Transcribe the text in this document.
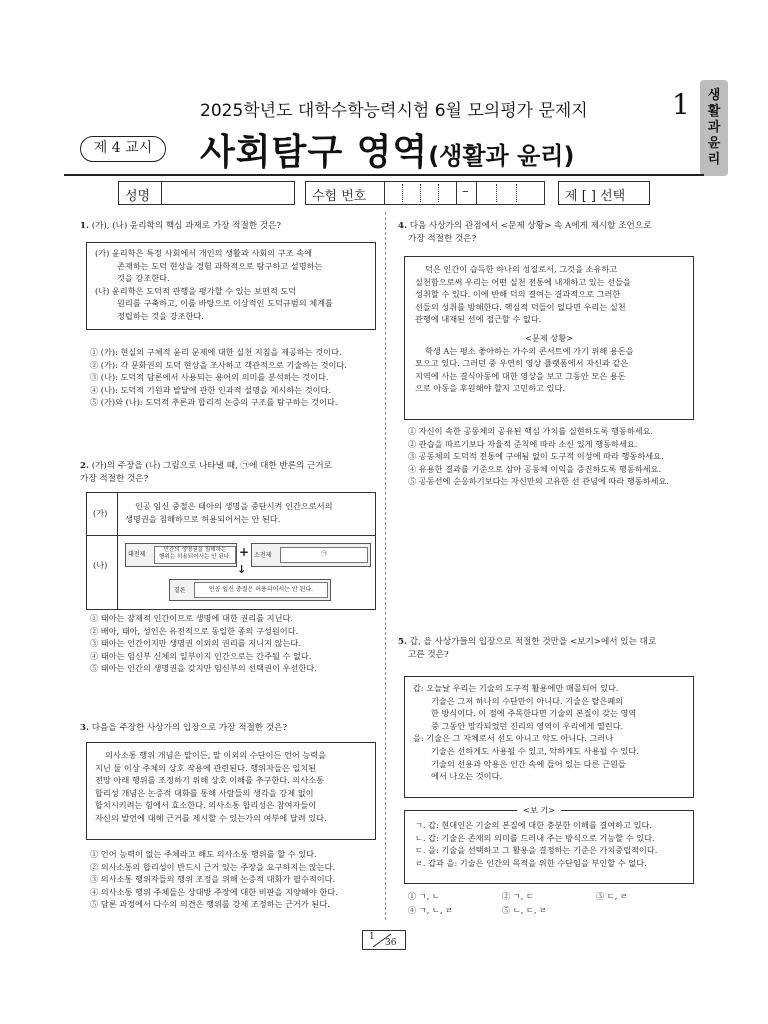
2025학년도 대학수학능력시험 6월 모의평가 문제지	1 생
활
과
윤
리
제 4 교시	사회탐구 영역(생활과 윤리)
성명	수험 번호	–	제 [ ] 선택
1. (가), (나) 윤리학의 핵심 과제로 가장 적절한 것은?
(가) 윤리학은 특정 사회에서 개인의 생활과 사회의 구조 속에
존재하는 도덕 현상을 경험 과학적으로 탐구하고 설명하는
것을 강조한다.
(나) 윤리학은 도덕적 관행을 평가할 수 있는 보편적 도덕
원리를 구축하고, 이를 바탕으로 이상적인 도덕규범의 체계를
정립하는 것을 강조한다.
① (가): 현실의 구체적 윤리 문제에 대한 실천 지침을 제공하는 것이다.
② (가): 각 문화권의 도덕 현상을 조사하고 객관적으로 기술하는 것이다.
③ (나): 도덕적 담론에서 사용되는 용어의 의미를 분석하는 것이다.
④ (나): 도덕적 기원과 발달에 관한 인과적 설명을 제시하는 것이다.
⑤ (가)와 (나): 도덕적 추론과 합리적 논증의 구조를 탐구하는 것이다.
2. (가)의 주장을 (나) 그림으로 나타낼 때, ㉠에 대한 반론의 근거로
가장 적절한 것은?
(가)
(나)
인공 임신 중절은 태아의 생명을 중단시켜 인간으로서의
생명권을 침해하므로 허용되어서는 안 된다.
대전제
인간의 생명권을 침해하는
행위는 허용되어서는 안 된다. + 소전제	㉠
↓
결론	인공 임신 중절은 허용되어서는 안 된다.
① 태아는 잠재적 인간이므로 생명에 대한 권리를 지닌다.
② 배아, 태아, 성인은 유전적으로 동일한 종의 구성원이다.
③ 태아는 인간이지만 생명권 이외의 권리를 지니지 않는다.
④ 태아는 임신부 신체의 일부이지 인간으로는 간주될 수 없다.
⑤ 태아는 인간의 생명권을 갖지만 임신부의 선택권이 우선한다.
3. 다음을 주장한 사상가의 입장으로 가장 적절한 것은?
의사소통 행위 개념은 말이든, 말 이외의 수단이든 언어 능력을
지닌 둘 이상 주체의 상호 작용에 관련된다. 행위자들은 일치된
전망 아래 행위를 조정하기 위해 상호 이해를 추구한다. 의사소통
합리성 개념은 논증적 대화를 통해 사람들의 생각을 강제 없이
합치시키려는 힘에서 효소한다. 의사소통 합리성은 참여자들이
자신의 발언에 대해 근거를 제시할 수 있는가의 여부에 달려 있다.
① 언어 능력이 없는 주체라고 해도 의사소통 행위를 할 수 있다.
② 의사소통의 합리성이 반드시 근거 있는 주장을 요구하지는 않는다.
③ 의사소통 행위자들의 행위 조정을 위해 논증적 대화가 필수적이다.
④ 의사소통 행위 주체들은 상대방 주장에 대한 비판을 지양해야 한다.
⑤ 담론 과정에서 다수의 의견은 행위를 강제 조정하는 근거가 된다.
4. 다음 사상가의 관점에서 <문제 상황> 속 A에게 제시할 조언으로
가장 적절한 것은?
덕은 인간이 습득한 하나의 성질로서, 그것을 소유하고
실천함으로써 우리는 어떤 실천 전통에 내재하고 있는 선들을
성취할 수 있다. 이에 반해 덕의 결여는 결과적으로 그러한
선들의 성취를 방해한다. 핵심적 덕들이 없다면 우리는 실천
관행에 내재된 선에 접근할 수 없다.
<문제 상황>
학생 A는 평소 좋아하는 가수의 콘서트에 가기 위해 용돈을
모으고 있다. 그러던 중 우연히 영상 플랫폼에서 자신과 같은
지역에 사는 결식아동에 대한 영상을 보고 그동안 모은 용돈
으로 아동을 후원해야 할지 고민하고 있다.
① 자신이 속한 공동체의 공유된 핵심 가치를 실현하도록 행동하세요.
② 관습을 따르기보다 자율적 준칙에 따라 소신 있게 행동하세요.
③ 공동체의 도덕적 전통에 구애됨 없이 도구적 이성에 따라 행동하세요.
④ 유용한 결과를 기준으로 삼아 공동체 이익을 증진하도록 행동하세요.
⑤ 공동선에 순응하기보다는 자신만의 고유한 선 관념에 따라 행동하세요.
5. 갑, 을 사상가들의 입장으로 적절한 것만을 <보기>에서 있는 대로
고른 것은?
갑: 오늘날 우리는 기술의 도구적 활용에만 매몰되어 있다.
기술은 그저 하나의 수단만이 아니다. 기술은 탈은폐의
한 방식이다. 이 점에 주목한다면 기술의 본질이 갖는 영역
중 그동안 망각되었던 진리의 영역이 우리에게 열린다.
을: 기술은 그 자체로서 선도 아니고 악도 아니다. 그러나
기술은 선하게도 사용될 수 있고, 악하게도 사용될 수 있다.
기술의 선용과 악용은 인간 속에 들어 있는 다른 근원들
에서 나오는 것이다.
<보 기>
ㄱ. 갑: 현대인은 기술의 본질에 대한 충분한 이해를 결여하고 있다.
ㄴ. 갑: 기술은 존재의 의미를 드러내 주는 방식으로 기능할 수 있다.
ㄷ. 을: 기술을 선택하고 그 활용을 결정하는 기준은 가치중립적이다.
ㄹ. 갑과 을: 기술은 인간의 목적을 위한 수단임을 부인할 수 없다.
① ㄱ, ㄴ	② ㄱ, ㄷ	③ ㄷ, ㄹ
④ ㄱ, ㄴ, ㄹ	⑤ ㄴ, ㄷ, ㄹ
1
36
